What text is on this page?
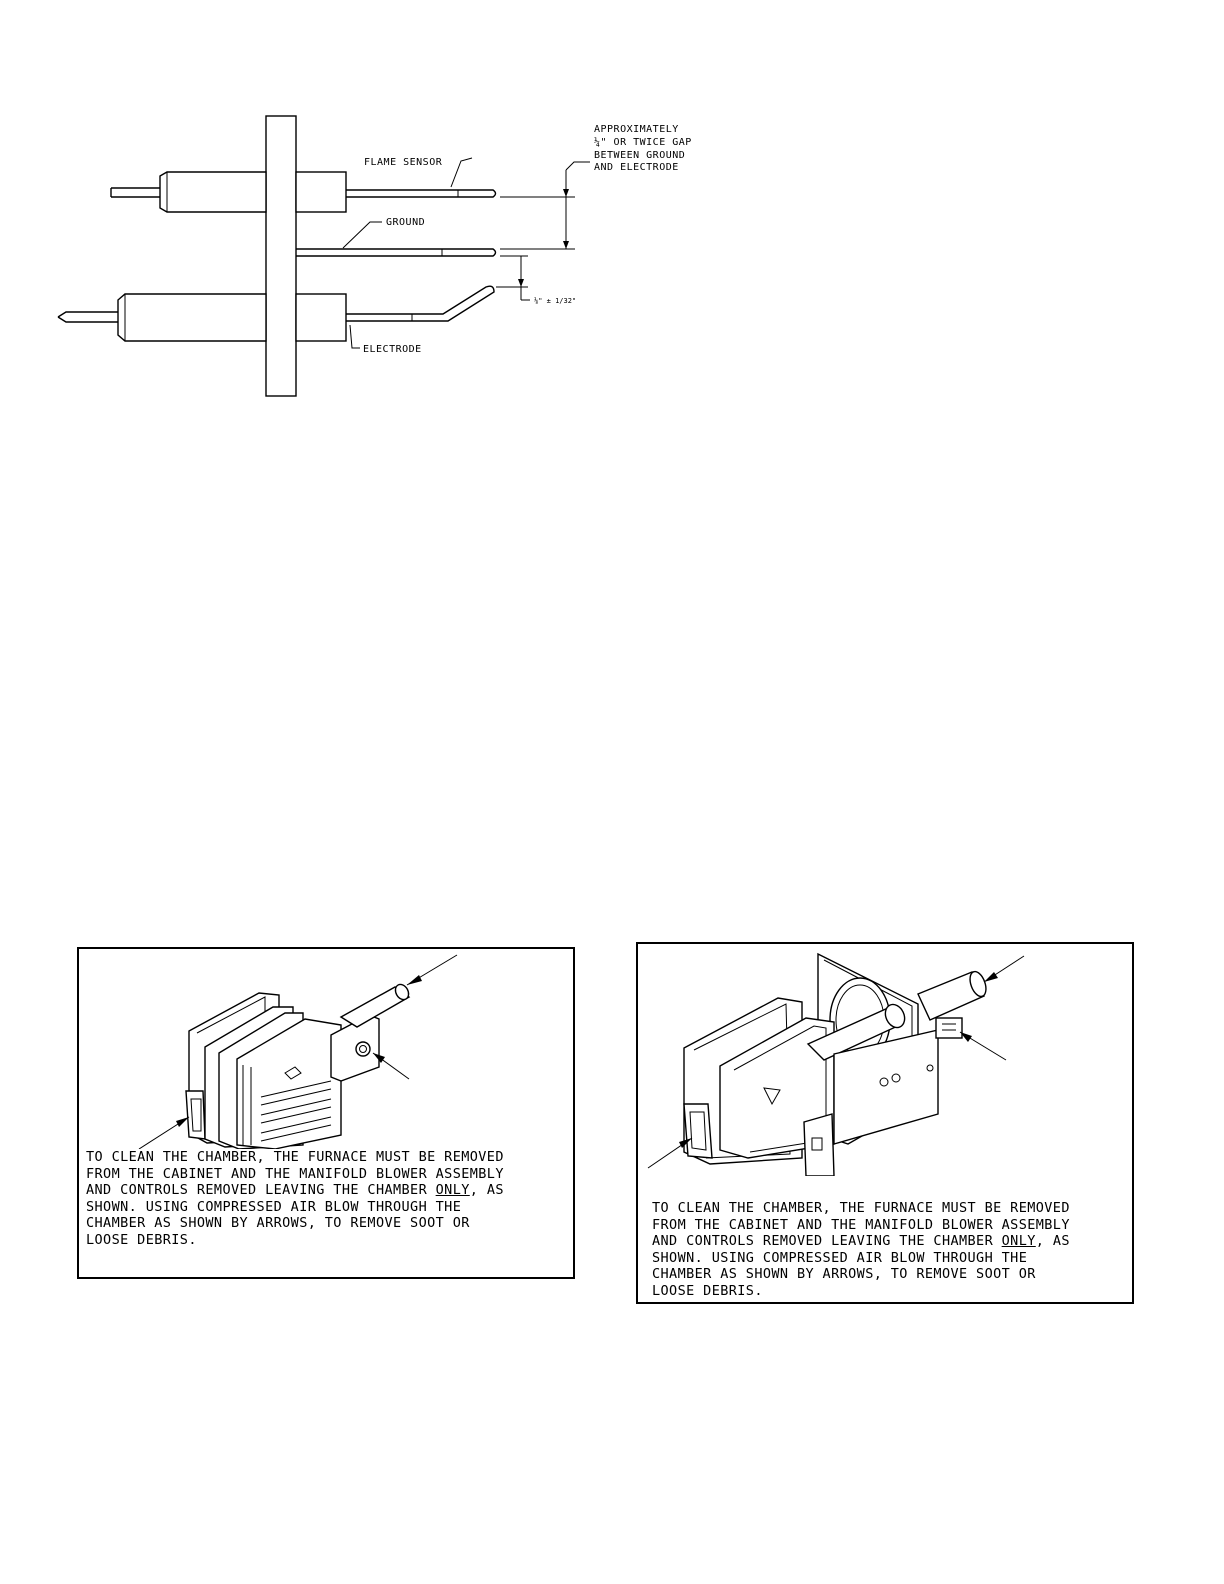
FLAME SENSOR
GROUND
ELECTRODE
APPROXIMATELY
¼" OR TWICE GAP
BETWEEN GROUND
AND ELECTRODE
⅛" ± 1/32"

TO CLEAN THE CHAMBER, THE FURNACE MUST BE REMOVED
FROM THE CABINET AND THE MANIFOLD BLOWER ASSEMBLY
AND CONTROLS REMOVED LEAVING THE CHAMBER ONLY, AS
SHOWN. USING COMPRESSED AIR BLOW THROUGH THE
CHAMBER AS SHOWN BY ARROWS, TO REMOVE SOOT OR
LOOSE DEBRIS.

TO CLEAN THE CHAMBER, THE FURNACE MUST BE REMOVED
FROM THE CABINET AND THE MANIFOLD BLOWER ASSEMBLY
AND CONTROLS REMOVED LEAVING THE CHAMBER ONLY, AS
SHOWN. USING COMPRESSED AIR BLOW THROUGH THE
CHAMBER AS SHOWN BY ARROWS, TO REMOVE SOOT OR
LOOSE DEBRIS.
